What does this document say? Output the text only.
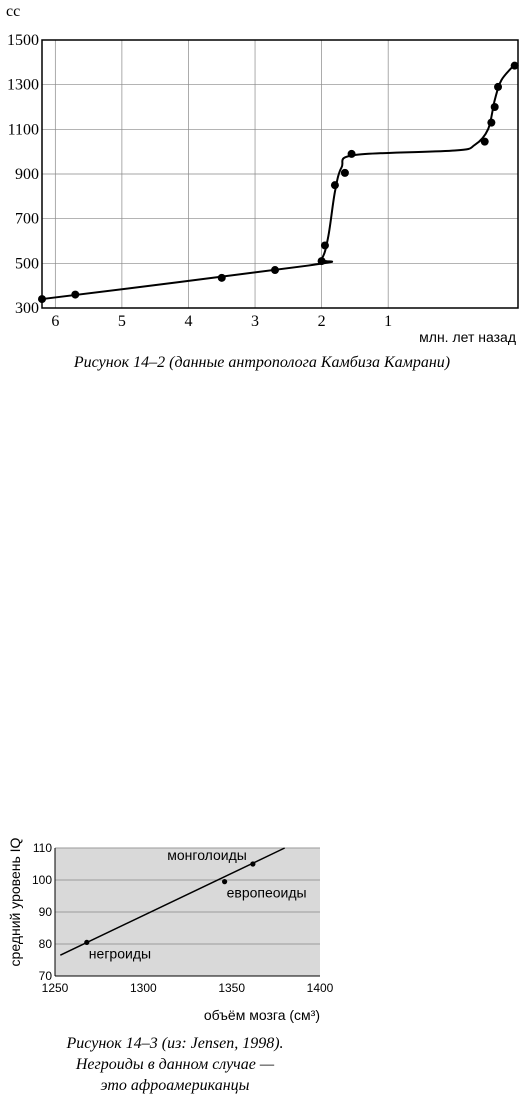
300
500
700
900
1100
1300
1500
6	5	4	3	2	1
cc
млн. лет назад
Рисунок 14–2 (данные антрополога Камбиза Камрани)
монголоиды
европеоиды
негроиды
70
80
90
100
110
1250	1300	1350	1400
средний уровень IQ
объём мозга (см³)
Рисунок 14–3 (из: Jensen, 1998).
Негроиды в данном случае —
это афроамериканцы
